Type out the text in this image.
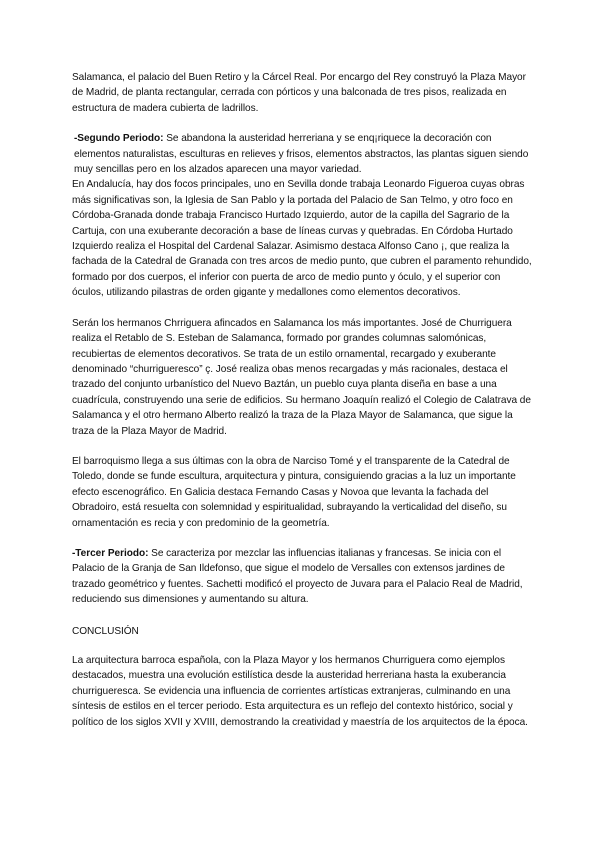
Salamanca, el palacio del Buen Retiro y la Cárcel Real. Por encargo del Rey construyó la Plaza Mayor de Madrid, de planta rectangular, cerrada con pórticos y una balconada de tres pisos, realizada en estructura de madera cubierta de ladrillos.

-Segundo Periodo: Se abandona la austeridad herreriana y se enq¡riquece la decoración con elementos naturalistas, esculturas en relieves y frisos, elementos abstractos, las plantas siguen siendo muy sencillas pero en los alzados aparecen una mayor variedad.

En Andalucía, hay dos focos principales, uno en Sevilla donde trabaja Leonardo Figueroa cuyas obras más significativas son, la Iglesia de San Pablo y la portada del Palacio de San Telmo, y otro foco en Córdoba-Granada donde trabaja Francisco Hurtado Izquierdo, autor de la capilla del Sagrario de la Cartuja, con una exuberante decoración a base de líneas curvas y quebradas. En Córdoba Hurtado Izquierdo realiza el Hospital del Cardenal Salazar. Asimismo destaca Alfonso Cano ¡, que realiza la fachada de la Catedral de Granada con tres arcos de medio punto, que cubren el paramento rehundido, formado por dos cuerpos, el inferior con puerta de arco de medio punto y óculo, y el superior con óculos, utilizando pilastras de orden gigante y medallones como elementos decorativos.

Serán los hermanos Chrriguera afincados en Salamanca los más importantes. José de Churriguera realiza el Retablo de S. Esteban de Salamanca, formado por grandes columnas salomónicas, recubiertas de elementos decorativos. Se trata de un estilo ornamental, recargado y exuberante denominado “churrigueresco” ç. José realiza obas menos recargadas y más racionales, destaca el trazado del conjunto urbanístico del Nuevo Baztán, un pueblo cuya planta diseña en base a una cuadrícula, construyendo una serie de edificios. Su hermano Joaquín realizó el Colegio de Calatrava de Salamanca y el otro hermano Alberto realizó la traza de la Plaza Mayor de Salamanca, que sigue la traza de la Plaza Mayor de Madrid.

El barroquismo llega a sus últimas con la obra de Narciso Tomé y el transparente de la Catedral de Toledo, donde se funde escultura, arquitectura y pintura, consiguiendo gracias a la luz un importante efecto escenográfico. En Galicia destaca Fernando Casas y Novoa que levanta la fachada del Obradoiro, está resuelta con solemnidad y espiritualidad, subrayando la verticalidad del diseño, su ornamentación es recia y con predominio de la geometría.

-Tercer Periodo: Se caracteriza por mezclar las influencias italianas y francesas. Se inicia con el Palacio de la Granja de San Ildefonso, que sigue el modelo de Versalles con extensos jardines de trazado geométrico y fuentes. Sachetti modificó el proyecto de Juvara para el Palacio Real de Madrid, reduciendo sus dimensiones y aumentando su altura.

CONCLUSIÓN

La arquitectura barroca española, con la Plaza Mayor y los hermanos Churriguera como ejemplos destacados, muestra una evolución estilística desde la austeridad herreriana hasta la exuberancia churrigueresca. Se evidencia una influencia de corrientes artísticas extranjeras, culminando en una síntesis de estilos en el tercer periodo. Esta arquitectura es un reflejo del contexto histórico, social y político de los siglos XVII y XVIII, demostrando la creatividad y maestría de los arquitectos de la época.
